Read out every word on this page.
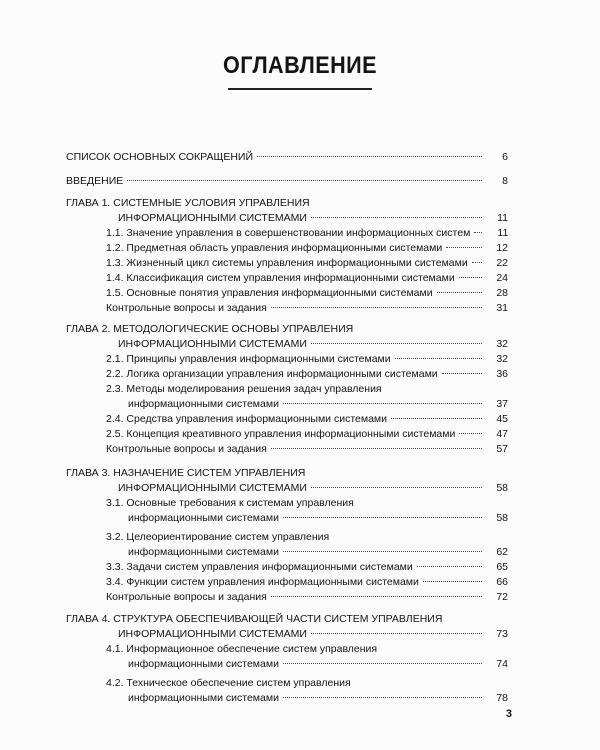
ОГЛАВЛЕНИЕ
СПИСОК ОСНОВНЫХ СОКРАЩЕНИЙ	6
ВВЕДЕНИЕ	8
ГЛАВА 1. СИСТЕМНЫЕ УСЛОВИЯ УПРАВЛЕНИЯ
ИНФОРМАЦИОННЫМИ СИСТЕМАМИ	11
1.1. Значение управления в совершенствовании информационных систем	11
1.2. Предметная область управления информационными системами	12
1.3. Жизненный цикл системы управления информационными системами	22
1.4. Классификация систем управления информационными системами	24
1.5. Основные понятия управления информационными системами	28
Контрольные вопросы и задания	31
ГЛАВА 2. МЕТОДОЛОГИЧЕСКИЕ ОСНОВЫ УПРАВЛЕНИЯ
ИНФОРМАЦИОННЫМИ СИСТЕМАМИ	32
2.1. Принципы управления информационными системами	32
2.2. Логика организации управления информационными системами	36
2.3. Методы моделирования решения задач управления
информационными системами	37
2.4. Средства управления информационными системами	45
2.5. Концепция креативного управления информационными системами	47
Контрольные вопросы и задания	57
ГЛАВА 3. НАЗНАЧЕНИЕ СИСТЕМ УПРАВЛЕНИЯ
ИНФОРМАЦИОННЫМИ СИСТЕМАМИ	58
3.1. Основные требования к системам управления
информационными системами	58
3.2. Целеориентирование систем управления
информационными системами	62
3.3. Задачи систем управления информационными системами	65
3.4. Функции систем управления информационными системами	66
Контрольные вопросы и задания	72
ГЛАВА 4. СТРУКТУРА ОБЕСПЕЧИВАЮЩЕЙ ЧАСТИ СИСТЕМ УПРАВЛЕНИЯ
ИНФОРМАЦИОННЫМИ СИСТЕМАМИ	73
4.1. Информационное обеспечение систем управления
информационными системами	74
4.2. Техническое обеспечение систем управления
информационными системами	78
3
